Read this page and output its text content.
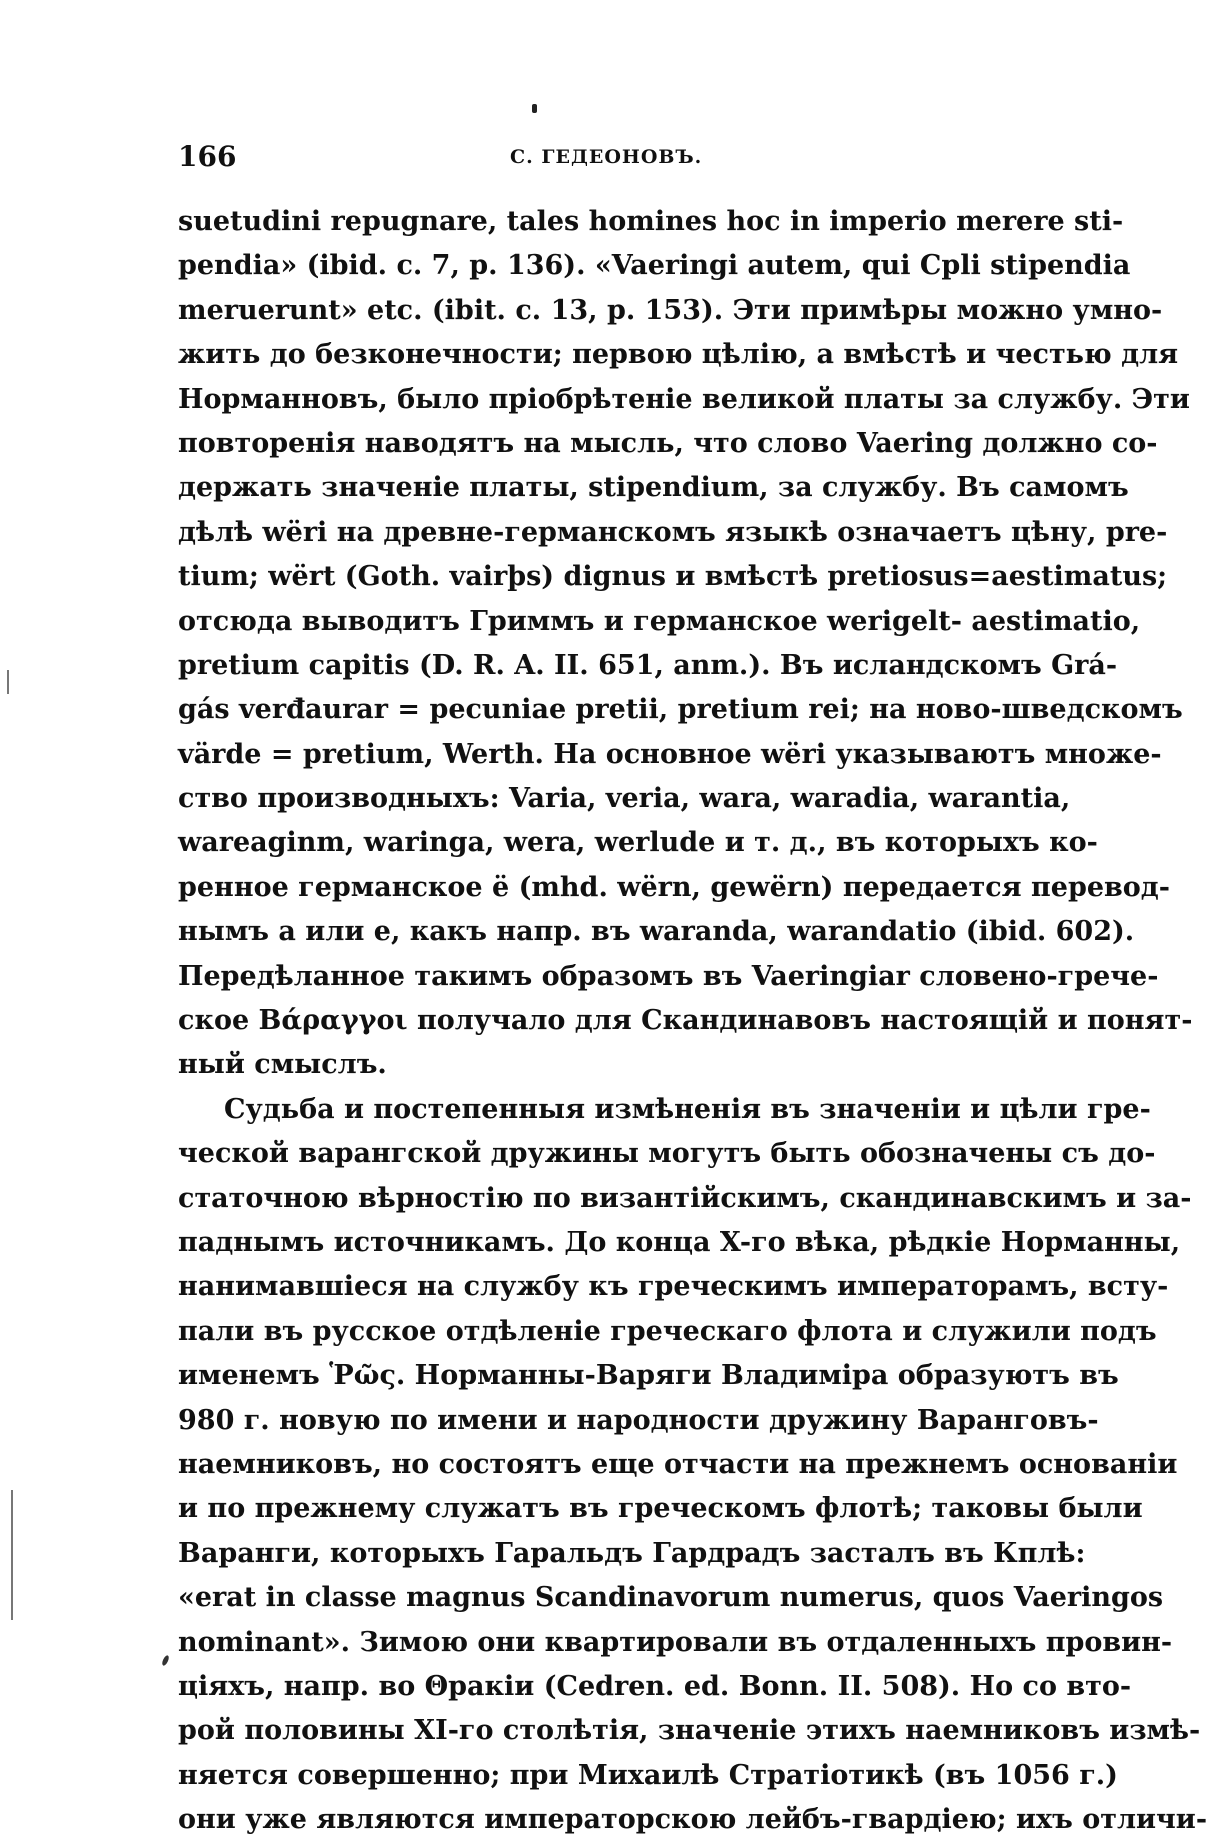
166	С. ГЕДЕОНОВЪ.
suetudini repugnare, tales homines hoc in imperio merere sti-
pendia» (ibid. c. 7, p. 136). «Vaeringi autem, qui Cpli stipendia
meruerunt» etc. (ibit. c. 13, p. 153). Эти примѣры можно умно-
жить до безконечности; первою цѣлію, а вмѣстѣ и честью для
Норманновъ, было пріобрѣтеніе великой платы за службу. Эти
повторенія наводятъ на мысль, что слово Vaering должно со-
держать значеніе платы, stipendium, за службу. Въ самомъ
дѣлѣ wëri на древне-германскомъ языкѣ означаетъ цѣну, pre-
tium; wërt (Goth. vairþs) dignus и вмѣстѣ pretiosus=aestimatus;
отсюда выводитъ Гриммъ и германское werigelt- aestimatio,
pretium capitis (D. R. A. II. 651, anm.). Въ исландскомъ Grá-
gás verđaurar = pecuniae pretii, pretium rei; на ново-шведскомъ
värde = pretium, Werth. На основное wëri указываютъ множе-
ство производныхъ: Varia, veria, wara, waradia, warantia,
wareaginm, waringa, wera, werlude и т. д., въ которыхъ ко-
ренное германское ë (mhd. wërn, gewërn) передается перевод-
нымъ а или е, какъ напр. въ waranda, warandatio (ibid. 602).
Передѣланное такимъ образомъ въ Vaeringiar словено-грече-
ское Βάραγγοι получало для Скандинавовъ настоящій и понят-
ный смыслъ.
Судьба и постепенныя измѣненія въ значеніи и цѣли гре-
ческой варангской дружины могутъ быть обозначены съ до-
статочною вѣрностію по византійскимъ, скандинавскимъ и за-
паднымъ источникамъ. До конца X-го вѣка, рѣдкіе Норманны,
нанимавшіеся на службу къ греческимъ императорамъ, всту-
пали въ русское отдѣленіе греческаго флота и служили подъ
именемъ Ῥῶς. Норманны-Варяги Владиміра образуютъ въ
980 г. новую по имени и народности дружину Варанговъ-
наемниковъ, но состоятъ еще отчасти на прежнемъ основаніи
и по прежнему служатъ въ греческомъ флотѣ; таковы были
Варанги, которыхъ Гаральдъ Гардрадъ засталъ въ Кплѣ:
«erat in classe magnus Scandinavorum numerus, quos Vaeringos
nominant». Зимою они квартировали въ отдаленныхъ провин-
ціяхъ, напр. во Θракіи (Cedren. ed. Bonn. II. 508). Но со вто-
рой половины XI-го столѣтія, значеніе этихъ наемниковъ измѣ-
няется совершенно; при Михаилѣ Стратіотикѣ (въ 1056 г.)
они уже являются императорскою лейбъ-гвардіею; ихъ отличи-
